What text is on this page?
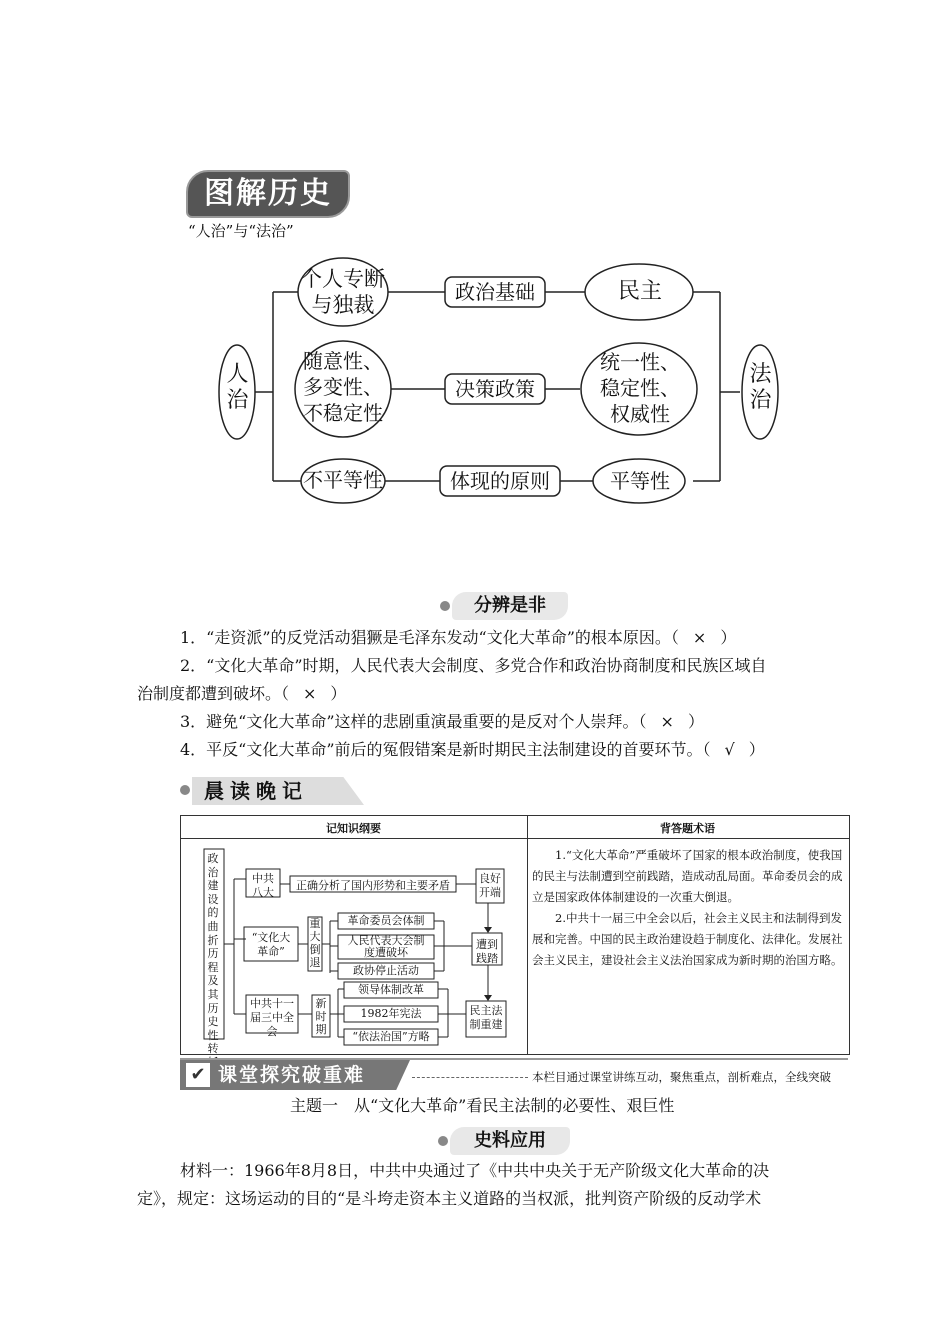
图解历史
“人治”与“法治”
人治
法治
个人专断
与独裁
随意性、
多变性、
不稳定性
不平等性
政治基础
决策政策
体现的原则
民主
统一性、
稳定性、
权威性
平等性
分辨是非

1．“走资派”的反党活动猖獗是毛泽东发动“文化大革命”的根本原因。（ × ）

2．“文化大革命”时期，人民代表大会制度、多党合作和政治协商制度和民族区域自

治制度都遭到破坏。（ × ）

3．避免“文化大革命”这样的悲剧重演最重要的是反对个人崇拜。（ × ）

4．平反“文化大革命”前后的冤假错案是新时期民主法制建设的首要环节。（ √ ）

晨读晚记
记知识纲要	背答题术语
政治建设的曲折历程及其历史性转
中共
八大
正确分析了国内形势和主要矛盾
良好
开端
“文化大
革命”
重
大
倒
退
革命委员会体制
人民代表大会制
度遭破坏
政协停止活动
遭到
践踏
中共十一
届三中全
会
新
时
期
领导体制改革
1982年宪法
“依法治国”方略
民主法
制重建
1.“文化大革命”严重破坏了国家的根本政治制度，使我国的民主与法制遭到空前践踏，造成动乱局面。革命委员会的成立是国家政体体制建设的一次重大倒退。
2.中共十一届三中全会以后，社会主义民主和法制得到发展和完善。中国的民主政治建设趋于制度化、法律化。发展社会主义民主，建设社会主义法治国家成为新时期的治国方略。
✔ 课堂探究破重难	本栏目通过课堂讲练互动，聚焦重点，剖析难点，全线突破
主题一　从“文化大革命”看民主法制的必要性、艰巨性
史料应用

材料一：1966年8月8日，中共中央通过了《中共中央关于无产阶级文化大革命的决

定》，规定：这场运动的目的“是斗垮走资本主义道路的当权派，批判资产阶级的反动学术
